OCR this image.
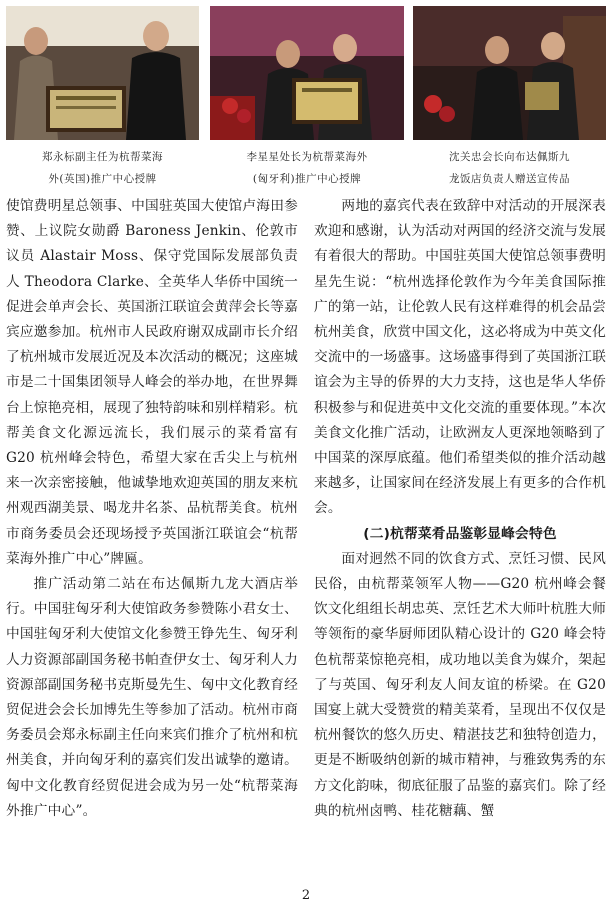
郑永标副主任为杭帮菜海
外(英国)推广中心授牌
李星星处长为杭帮菜海外
(匈牙利)推广中心授牌
沈关忠会长向布达佩斯九
龙饭店负责人赠送宣传品

使馆费明星总领事、中国驻英国大使馆卢海田参赞、上议院女勋爵 Baroness Jenkin、伦敦市议员 Alastair Moss、保守党国际发展部负责人 Theodora Clarke、全英华人华侨中国统一促进会单声会长、英国浙江联谊会黄萍会长等嘉宾应邀参加。杭州市人民政府谢双成副市长介绍了杭州城市发展近况及本次活动的概况；这座城市是二十国集团领导人峰会的举办地，在世界舞台上惊艳亮相，展现了独特韵味和别样精彩。杭帮美食文化源远流长，我们展示的菜肴富有 G20 杭州峰会特色，希望大家在舌尖上与杭州来一次亲密接触，他诚挚地欢迎英国的朋友来杭州观西湖美景、喝龙井名茶、品杭帮美食。杭州市商务委员会还现场授予英国浙江联谊会“杭帮菜海外推广中心”牌匾。

推广活动第二站在布达佩斯九龙大酒店举行。中国驻匈牙利大使馆政务参赞陈小君女士、中国驻匈牙利大使馆文化参赞王铮先生、匈牙利人力资源部副国务秘书帕查伊女士、匈牙利人力资源部副国务秘书克斯曼先生、匈中文化教育经贸促进会会长加博先生等参加了活动。杭州市商务委员会郑永标副主任向来宾们推介了杭州和杭州美食，并向匈牙利的嘉宾们发出诚挚的邀请。匈中文化教育经贸促进会成为另一处“杭帮菜海外推广中心”。

两地的嘉宾代表在致辞中对活动的开展深表欢迎和感谢，认为活动对两国的经济交流与发展有着很大的帮助。中国驻英国大使馆总领事费明星先生说：“杭州选择伦敦作为今年美食国际推广的第一站，让伦敦人民有这样难得的机会品尝杭州美食，欣赏中国文化，这必将成为中英文化交流中的一场盛事。这场盛事得到了英国浙江联谊会为主导的侨界的大力支持，这也是华人华侨积极参与和促进英中文化交流的重要体现。”本次美食文化推广活动，让欧洲友人更深地领略到了中国菜的深厚底蕴。他们希望类似的推介活动越来越多，让国家间在经济发展上有更多的合作机会。

(二)杭帮菜肴品鉴彰显峰会特色

面对迥然不同的饮食方式、烹饪习惯、民风民俗，由杭帮菜领军人物——G20 杭州峰会餐饮文化组组长胡忠英、烹饪艺术大师叶杭胜大师等领衔的豪华厨师团队精心设计的 G20 峰会特色杭帮菜惊艳亮相，成功地以美食为媒介，架起了与英国、匈牙利友人间友谊的桥梁。在 G20 国宴上就大受赞赏的精美菜肴，呈现出不仅仅是杭州餐饮的悠久历史、精湛技艺和独特创造力，更是不断吸纳创新的城市精神，与雅致隽秀的东方文化韵味，彻底征服了品鉴的嘉宾们。除了经典的杭州卤鸭、桂花糖藕、蟹

2
